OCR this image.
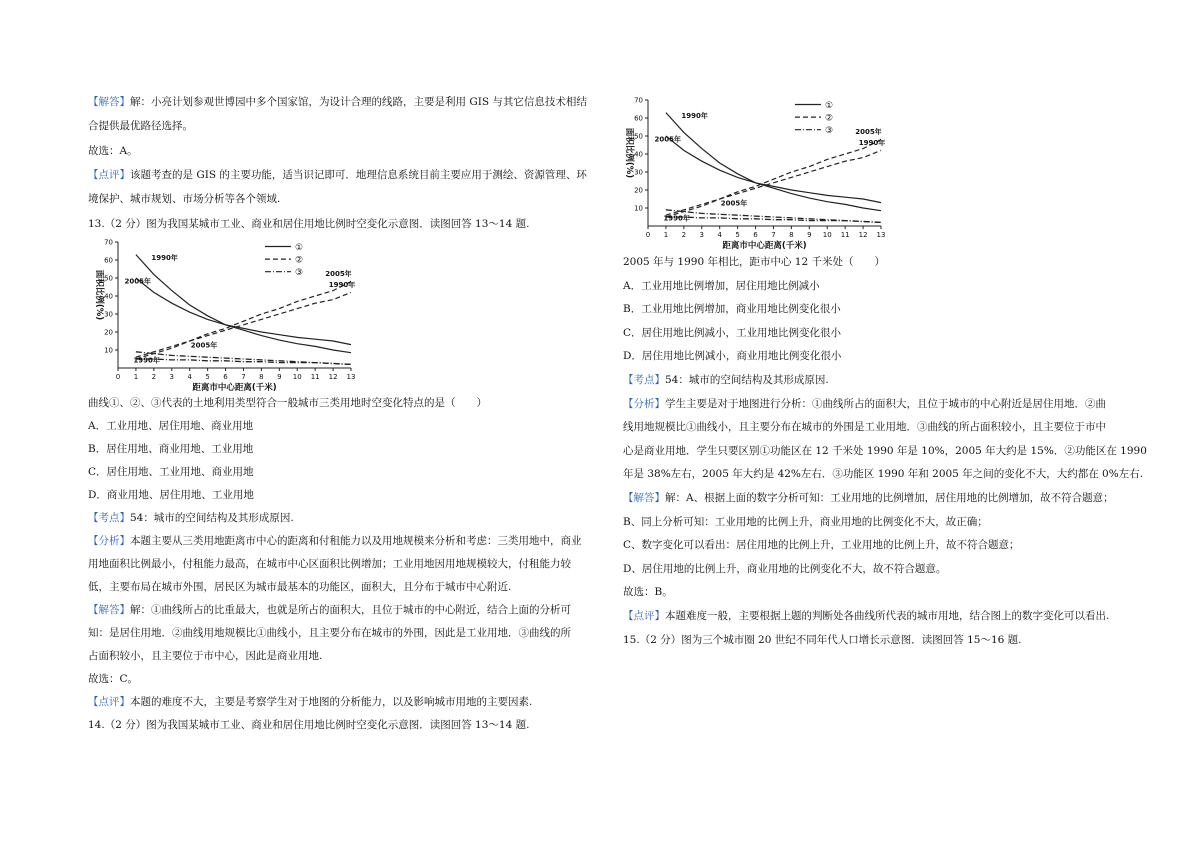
【解答】解：小亮计划参观世博园中多个国家馆，为设计合理的线路，主要是利用 GIS 与其它信息技术相结
合提供最优路径选择。
故选：A。
【点评】该题考查的是 GIS 的主要功能，适当识记即可．地理信息系统目前主要应用于测绘、资源管理、环
境保护、城市规划、市场分析等各个领域.
13.（2 分）图为我国某城市工业、商业和居住用地比例时空变化示意图．读图回答 13～14 题.
0 1 2 3 4 5 6 7 8 9 10 11 12 13
10
20
30
40
50
60
70
距离市中心距离(千米)
面积比例(%)
1990年
2005年
2005年
1990年
2005年
1990年
①
②
③
曲线①、②、③代表的土地利用类型符合一般城市三类用地时空变化特点的是（　　）
A．工业用地、居住用地、商业用地
B．居住用地、商业用地、工业用地
C．居住用地、工业用地、商业用地
D．商业用地、居住用地、工业用地
【考点】54：城市的空间结构及其形成原因.
【分析】本题主要从三类用地距离市中心的距离和付租能力以及用地规模来分析和考虑：三类用地中，商业
用地面积比例最小，付租能力最高，在城市中心区面积比例增加；工业用地因用地规模较大，付租能力较
低，主要布局在城市外围，居民区为城市最基本的功能区，面积大，且分布于城市中心附近.
【解答】解：①曲线所占的比重最大，也就是所占的面积大，且位于城市的中心附近，结合上面的分析可
知：是居住用地．②曲线用地规模比①曲线小，且主要分布在城市的外围，因此是工业用地．③曲线的所
占面积较小，且主要位于市中心，因此是商业用地.
故选：C。
【点评】本题的难度不大，主要是考察学生对于地图的分析能力，以及影响城市用地的主要因素.
14.（2 分）图为我国某城市工业、商业和居住用地比例时空变化示意图．读图回答 13～14 题.
0 1 2 3 4 5 6 7 8 9 10 11 12 13
10
20
30
40
50
60
70
距离市中心距离(千米)
面积比例(%)
1990年
2005年
2005年
1990年
2005年
1990年
①
②
③
2005 年与 1990 年相比，距市中心 12 千米处（　　）
A．工业用地比例增加，居住用地比例减小
B．工业用地比例增加，商业用地比例变化很小
C．居住用地比例减小，工业用地比例变化很小
D．居住用地比例减小，商业用地比例变化很小
【考点】54：城市的空间结构及其形成原因.
【分析】学生主要是对于地图进行分析：①曲线所占的面积大，且位于城市的中心附近是居住用地．②曲
线用地规模比①曲线小，且主要分布在城市的外围是工业用地．③曲线的所占面积较小，且主要位于市中
心是商业用地．学生只要区别①功能区在 12 千米处 1990 年是 10%，2005 年大约是 15%．②功能区在 1990
年是 38%左右，2005 年大约是 42%左右．③功能区 1990 年和 2005 年之间的变化不大，大约都在 0%左右.
【解答】解：A、根据上面的数字分析可知：工业用地的比例增加，居住用地的比例增加，故不符合题意；
B、同上分析可知：工业用地的比例上升，商业用地的比例变化不大，故正确；
C、数字变化可以看出：居住用地的比例上升，工业用地的比例上升，故不符合题意；
D、居住用地的比例上升，商业用地的比例变化不大，故不符合题意。
故选：B。
【点评】本题难度一般，主要根据上题的判断处各曲线所代表的城市用地，结合图上的数字变化可以看出.
15.（2 分）图为三个城市圈 20 世纪不同年代人口增长示意图．读图回答 15～16 题.
